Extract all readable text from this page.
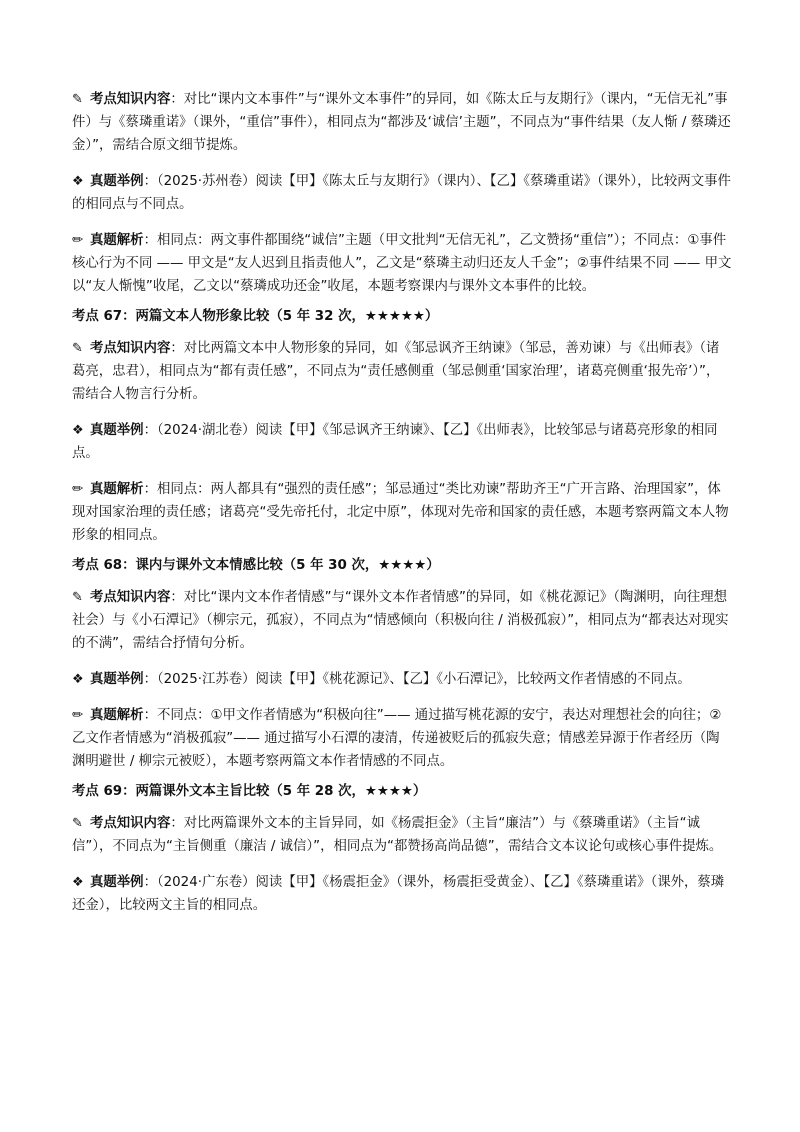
✎ 考点知识内容：对比“课内文本事件”与“课外文本事件”的异同，如《陈太丘与友期行》（课内，“无信无礼”事件）与《蔡璘重诺》（课外，“重信”事件），相同点为“都涉及‘诚信’主题”，不同点为“事件结果（友人惭 / 蔡璘还金）”，需结合原文细节提炼。

❖ 真题举例：（2025·苏州卷）阅读【甲】《陈太丘与友期行》（课内）、【乙】《蔡璘重诺》（课外），比较两文事件的相同点与不同点。

✏ 真题解析：相同点：两文事件都围绕“诚信”主题（甲文批判“无信无礼”，乙文赞扬“重信”）；不同点：①事件核心行为不同 —— 甲文是“友人迟到且指责他人”，乙文是“蔡璘主动归还友人千金”；②事件结果不同 —— 甲文以“友人惭愧”收尾，乙文以“蔡璘成功还金”收尾，本题考察课内与课外文本事件的比较。

考点 67：两篇文本人物形象比较（5 年 32 次，★★★★★）

✎ 考点知识内容：对比两篇文本中人物形象的异同，如《邹忌讽齐王纳谏》（邹忌，善劝谏）与《出师表》（诸葛亮，忠君），相同点为“都有责任感”，不同点为“责任感侧重（邹忌侧重‘国家治理’，诸葛亮侧重‘报先帝’）”，需结合人物言行分析。

❖ 真题举例：（2024·湖北卷）阅读【甲】《邹忌讽齐王纳谏》、【乙】《出师表》，比较邹忌与诸葛亮形象的相同点。

✏ 真题解析：相同点：两人都具有“强烈的责任感”；邹忌通过“类比劝谏”帮助齐王“广开言路、治理国家”，体现对国家治理的责任感；诸葛亮“受先帝托付，北定中原”，体现对先帝和国家的责任感，本题考察两篇文本人物形象的相同点。

考点 68：课内与课外文本情感比较（5 年 30 次，★★★★）

✎ 考点知识内容：对比“课内文本作者情感”与“课外文本作者情感”的异同，如《桃花源记》（陶渊明，向往理想社会）与《小石潭记》（柳宗元，孤寂），不同点为“情感倾向（积极向往 / 消极孤寂）”，相同点为“都表达对现实的不满”，需结合抒情句分析。

❖ 真题举例：（2025·江苏卷）阅读【甲】《桃花源记》、【乙】《小石潭记》，比较两文作者情感的不同点。

✏ 真题解析：不同点：①甲文作者情感为“积极向往”—— 通过描写桃花源的安宁，表达对理想社会的向往；②乙文作者情感为“消极孤寂”—— 通过描写小石潭的凄清，传递被贬后的孤寂失意；情感差异源于作者经历（陶渊明避世 / 柳宗元被贬），本题考察两篇文本作者情感的不同点。

考点 69：两篇课外文本主旨比较（5 年 28 次，★★★★）

✎ 考点知识内容：对比两篇课外文本的主旨异同，如《杨震拒金》（主旨“廉洁”）与《蔡璘重诺》（主旨“诚信”），不同点为“主旨侧重（廉洁 / 诚信）”，相同点为“都赞扬高尚品德”，需结合文本议论句或核心事件提炼。

❖ 真题举例：（2024·广东卷）阅读【甲】《杨震拒金》（课外，杨震拒受黄金）、【乙】《蔡璘重诺》（课外，蔡璘还金），比较两文主旨的相同点。
